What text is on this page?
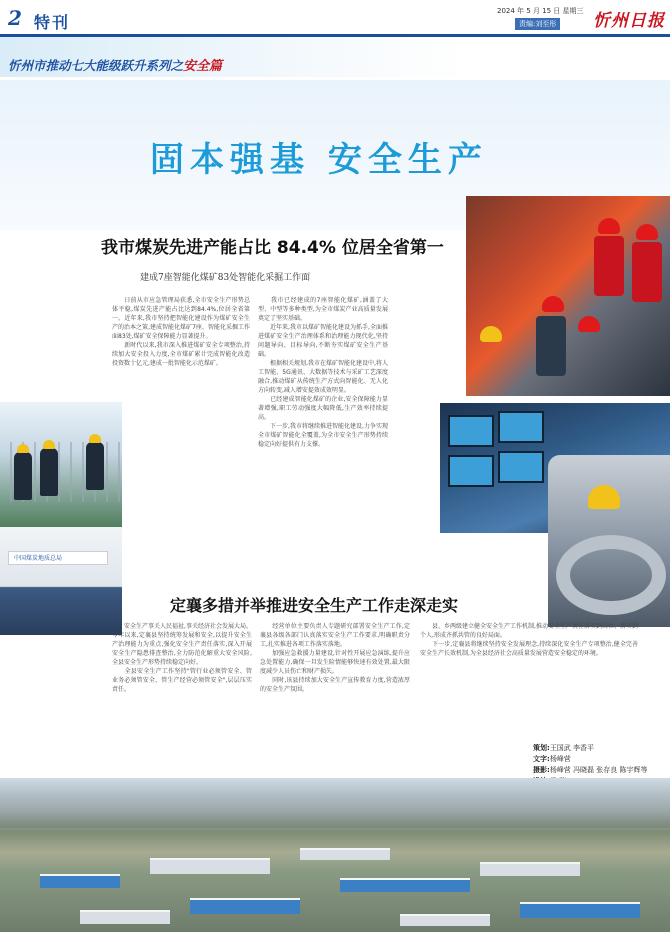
2 特刊
2024 年 5 月 15 日 星期三
责编:刘至彤 忻州日报
忻州市推动七大能级跃升系列之安全篇
固本强基 安全生产
中国煤炭地质总局
我市煤炭先进产能占比 84.4% 位居全省第一
建成7座智能化煤矿83处智能化采掘工作面
　　日前从市应急管理局获悉,全市安全生产形势总体平稳,煤炭先进产能占比达到84.4%,位居全省第一。近年来,我市坚持把智能化建设作为煤矿安全生产的治本之策,建成智能化煤矿7座、智能化采掘工作面83处,煤矿安全保障能力显著提升。
　　新时代以来,我市深入推进煤矿安全专项整治,持续加大安全投入力度,全市煤矿累计完成智能化改造投资数十亿元,建成一批智能化示范煤矿。
　　我市已经建成的7座智能化煤矿,涵盖了大型、中型等多种类型,为全市煤炭产业高质量发展奠定了坚实基础。
　　近年来,我市以煤矿智能化建设为抓手,全面推进煤矿安全生产治理体系和治理能力现代化,坚持问题导向、目标导向,不断夯实煤矿安全生产基础。
　　根据相关规划,我市在煤矿智能化建设中,将人工智能、5G通讯、大数据等技术与采矿工艺深度融合,推动煤矿从传统生产方式向智能化、无人化方向转变,减人增安提效成效明显。
　　已经建成智能化煤矿的企业,安全保障能力显著增强,职工劳动强度大幅降低,生产效率持续提高。
　　下一步,我市将继续推进智能化建设,力争实现全市煤矿智能化全覆盖,为全市安全生产形势持续稳定向好提供有力支撑。
定襄多措并举推进安全生产工作走深走实
　　安全生产事关人民福祉,事关经济社会发展大局。今年以来,定襄县坚持统筹发展和安全,以提升安全生产治理能力为重点,强化安全生产责任落实,深入开展安全生产隐患排查整治,全力防范化解重大安全风险,全县安全生产形势持续稳定向好。
　　全县安全生产工作坚持"管行业必须管安全、管业务必须管安全、管生产经营必须管安全",层层压实责任。
　　经营单位主要负责人专题研究部署安全生产工作,定襄县各级各部门认真落实安全生产工作要求,明确职责分工,扎实推进各项工作落实落地。
　　加强应急救援力量建设,针对性开展应急演练,提升应急处置能力,确保一旦发生险情能够快速有效处置,最大限度减少人员伤亡和财产损失。
　　同时,该县持续加大安全生产宣传教育力度,营造浓厚的安全生产氛围。
　　县、乡两级建立健全安全生产工作机制,推动安全生产责任落实到岗位、落实到个人,形成齐抓共管的良好局面。
　　下一步,定襄县将继续坚持安全发展理念,持续深化安全生产专项整治,健全完善安全生产长效机制,为全县经济社会高质量发展营造安全稳定的环境。
策划:王国武 李香平
文字:杨峰营
摄影:杨峰营 冯晓磊 张存良 陈宇辉等
